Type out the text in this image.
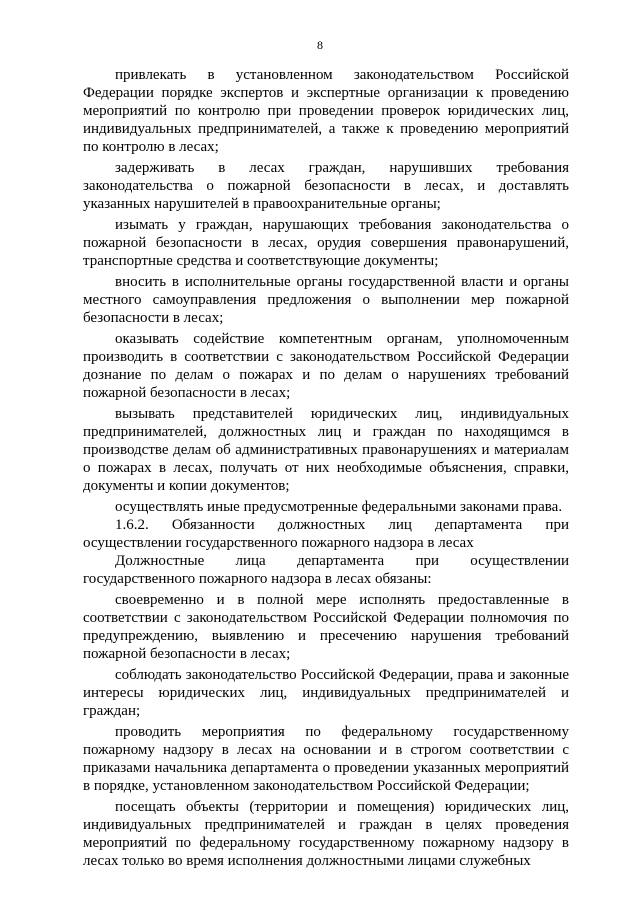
8

привлекать в установленном законодательством Российской Федерации порядке экспертов и экспертные организации к проведению мероприятий по контролю при проведении проверок юридических лиц, индивидуальных предпринимателей, а также к проведению мероприятий по контролю в лесах;

задерживать в лесах граждан, нарушивших требования законодательства о пожарной безопасности в лесах, и доставлять указанных нарушителей в правоохранительные органы;

изымать у граждан, нарушающих требования законодательства о пожарной безопасности в лесах, орудия совершения правонарушений, транспортные средства и соответствующие документы;

вносить в исполнительные органы государственной власти и органы местного самоуправления предложения о выполнении мер пожарной безопасности в лесах;

оказывать содействие компетентным органам, уполномоченным производить в соответствии с законодательством Российской Федерации дознание по делам о пожарах и по делам о нарушениях требований пожарной безопасности в лесах;

вызывать представителей юридических лиц, индивидуальных предпринимателей, должностных лиц и граждан по находящимся в производстве делам об административных правонарушениях и материалам о пожарах в лесах, получать от них необходимые объяснения, справки, документы и копии документов;

осуществлять иные предусмотренные федеральными законами права.

1.6.2. Обязанности должностных лиц департамента при осуществлении государственного пожарного надзора в лесах

Должностные лица департамента при осуществлении государственного пожарного надзора в лесах обязаны:

своевременно и в полной мере исполнять предоставленные в соответствии с законодательством Российской Федерации полномочия по предупреждению, выявлению и пресечению нарушения требований пожарной безопасности в лесах;

соблюдать законодательство Российской Федерации, права и законные интересы юридических лиц, индивидуальных предпринимателей и граждан;

проводить мероприятия по федеральному государственному пожарному надзору в лесах на основании и в строгом соответствии с приказами начальника департамента о проведении указанных мероприятий в порядке, установленном законодательством Российской Федерации;

посещать объекты (территории и помещения) юридических лиц, индивидуальных предпринимателей и граждан в целях проведения мероприятий по федеральному государственному пожарному надзору в лесах только во время исполнения должностными лицами служебных
